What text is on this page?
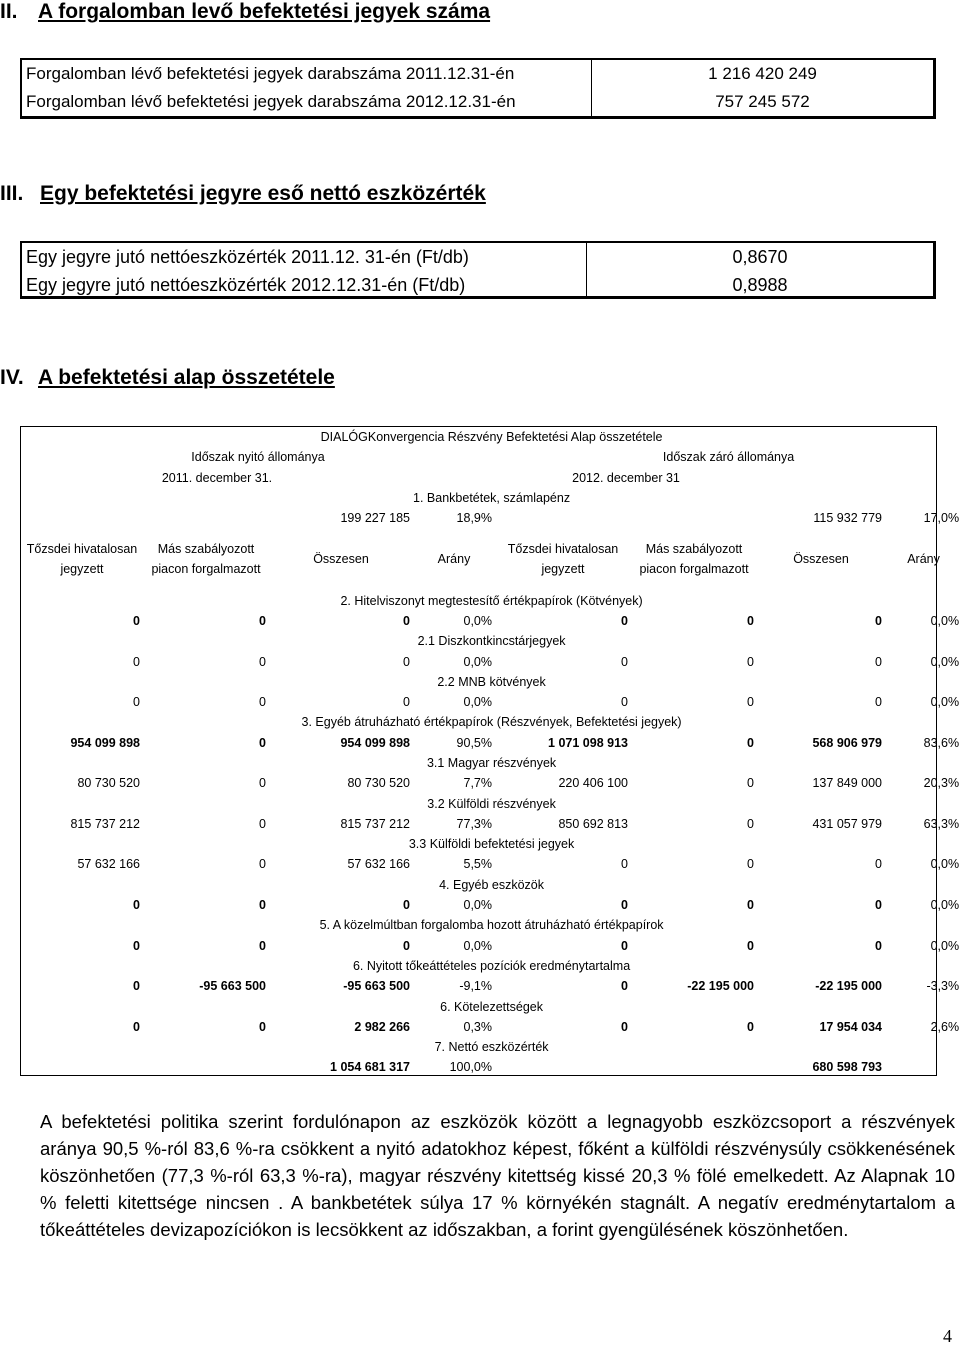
II. A forgalomban levő befektetési jegyek száma
Forgalomban lévő befektetési jegyek darabszáma 2011.12.31-én	1 216 420 249
Forgalomban lévő befektetési jegyek darabszáma 2012.12.31-én	757 245 572
III. Egy befektetési jegyre eső nettó eszközérték
Egy jegyre jutó nettóeszközérték 2011.12. 31-én (Ft/db)	0,8670
Egy jegyre jutó nettóeszközérték 2012.12.31-én (Ft/db)	0,8988
IV. A befektetési alap összetétele
DIALÓGKonvergencia Részvény Befektetési Alap összetétele							
Időszak nyitó állománya				Időszak záró állománya			
2011. december 31.				2012. december 31			
1. Bankbetétek, számlapénz							
		199 227 185	18,9%			115 932 779	17,0%
Tőzsdei hivatalosan jegyzett	Más szabályozott piacon forgalmazott	Összesen	Arány	Tőzsdei hivatalosan jegyzett	Más szabályozott piacon forgalmazott	Összesen	Arány
2. Hitelviszonyt megtestesítő értékpapírok (Kötvények)							
0	0	0	0,0%	0	0	0	0,0%
2.1 Diszkontkincstárjegyek							
0	0	0	0,0%	0	0	0	0,0%
2.2 MNB kötvények							
0	0	0	0,0%	0	0	0	0,0%
3. Egyéb átruházható értékpapírok (Részvények, Befektetési jegyek)							
954 099 898	0	954 099 898	90,5%	1 071 098 913	0	568 906 979	83,6%
3.1 Magyar részvények							
80 730 520	0	80 730 520	7,7%	220 406 100	0	137 849 000	20,3%
3.2 Külföldi részvények							
815 737 212	0	815 737 212	77,3%	850 692 813	0	431 057 979	63,3%
3.3 Külföldi befektetési jegyek							
57 632 166	0	57 632 166	5,5%	0	0	0	0,0%
4. Egyéb eszközök							
0	0	0	0,0%	0	0	0	0,0%
5. A közelmúltban forgalomba hozott átruházható értékpapírok							
0	0	0	0,0%	0	0	0	0,0%
6. Nyitott tőkeáttételes pozíciók eredménytartalma							
0	-95 663 500	-95 663 500	-9,1%	0	-22 195 000	-22 195 000	-3,3%
6. Kötelezettségek							
0	0	2 982 266	0,3%	0	0	17 954 034	2,6%
7. Nettó eszközérték							
		1 054 681 317	100,0%			680 598 793	
A befektetési politika szerint fordulónapon az eszközök között a legnagyobb eszközcsoport a részvények aránya 90,5 %-ról 83,6 %-ra csökkent a nyitó adatokhoz képest, főként a külföldi részvénysúly csökkenésének köszönhetően (77,3 %-ról 63,3 %-ra), magyar részvény kitettség kissé 20,3 % fölé emelkedett. Az Alapnak 10 % feletti kitettsége nincsen . A bankbetétek súlya 17 % környékén stagnált. A negatív eredménytartalom a tőkeáttételes devizapozíciókon is lecsökkent az időszakban, a forint gyengülésének köszönhetően.
4
